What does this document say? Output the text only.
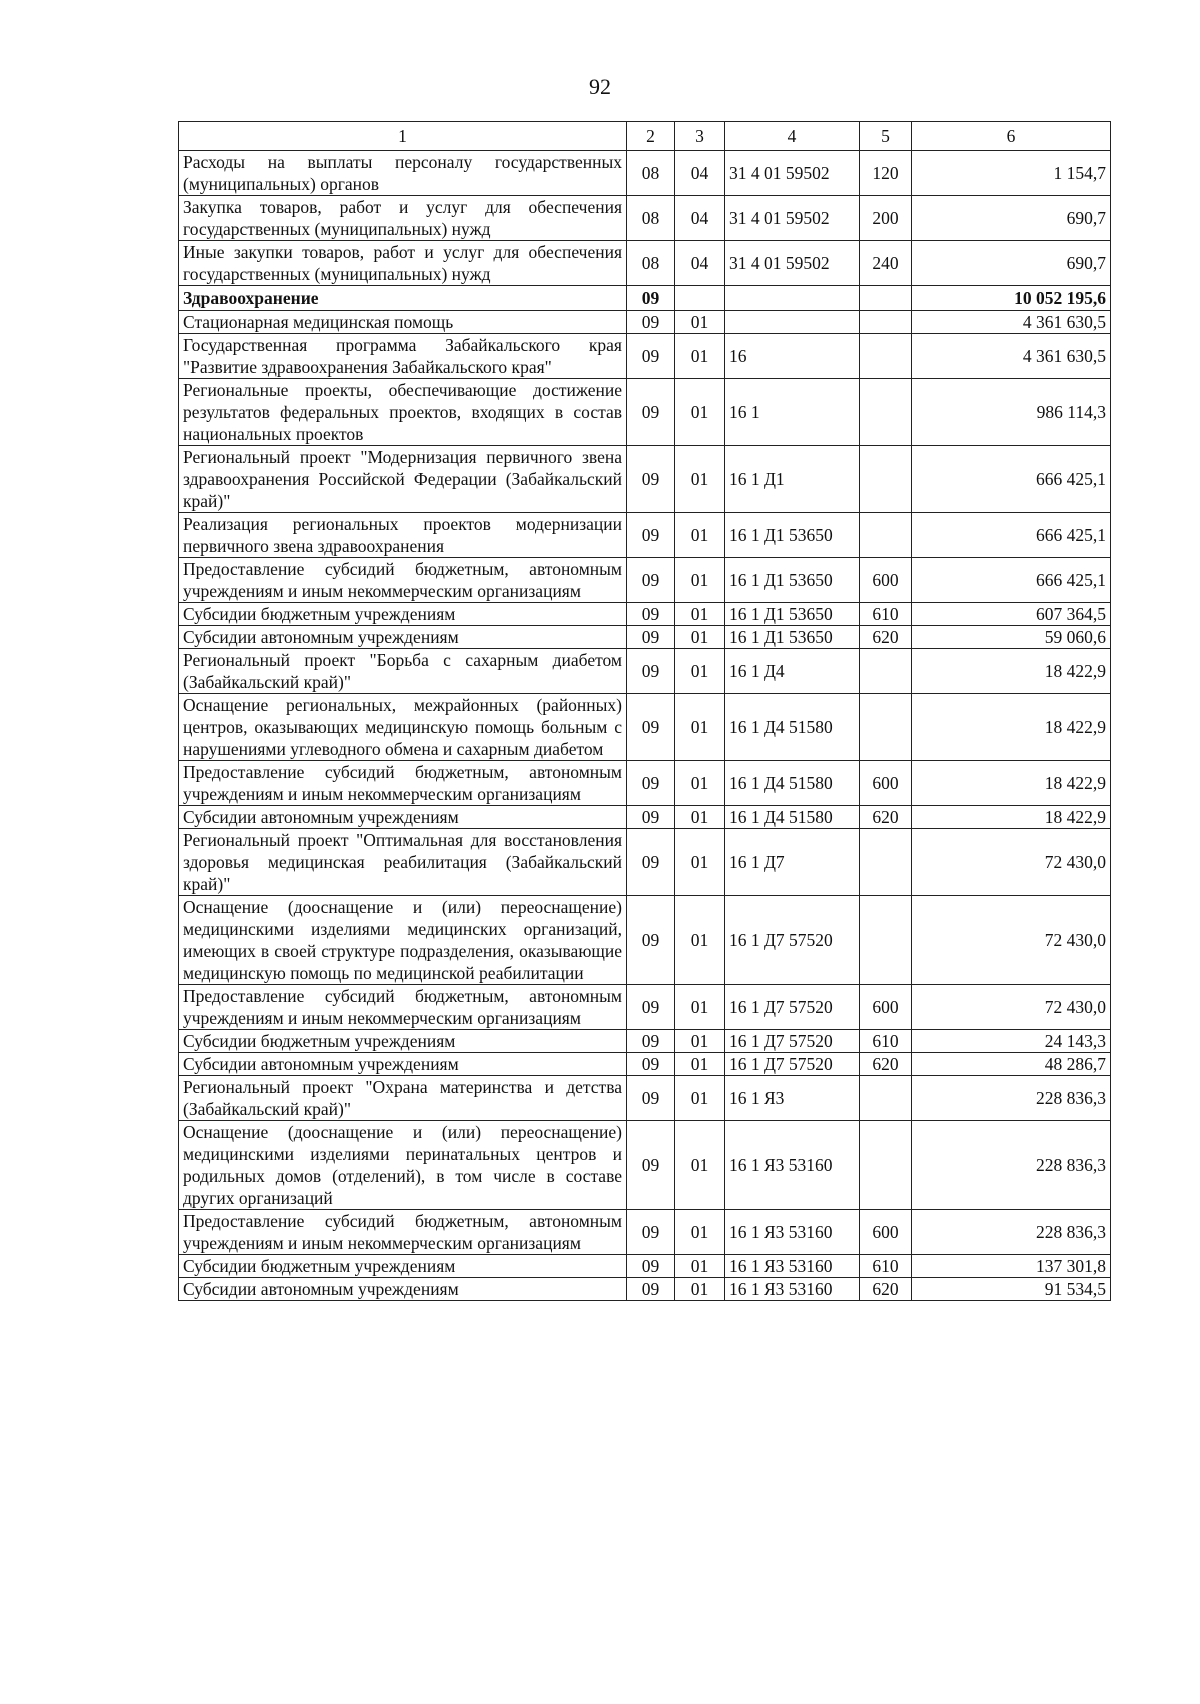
92
1	2	3	4	5	6
Расходы на выплаты персоналу государственных (муниципальных) органов	08	04	31 4 01 59502	120	1 154,7
Закупка товаров, работ и услуг для обеспечения государственных (муниципальных) нужд	08	04	31 4 01 59502	200	690,7
Иные закупки товаров, работ и услуг для обеспечения государственных (муниципальных) нужд	08	04	31 4 01 59502	240	690,7
Здравоохранение	09				10 052 195,6
Стационарная медицинская помощь	09	01			4 361 630,5
Государственная программа Забайкальского края "Развитие здравоохранения Забайкальского края"	09	01	16		4 361 630,5
Региональные проекты, обеспечивающие достижение результатов федеральных проектов, входящих в состав национальных проектов	09	01	16 1		986 114,3
Региональный проект "Модернизация первичного звена здравоохранения Российской Федерации (Забайкальский край)"	09	01	16 1 Д1		666 425,1
Реализация региональных проектов модернизации первичного звена здравоохранения	09	01	16 1 Д1 53650		666 425,1
Предоставление субсидий бюджетным, автономным учреждениям и иным некоммерческим организациям	09	01	16 1 Д1 53650	600	666 425,1
Субсидии бюджетным учреждениям	09	01	16 1 Д1 53650	610	607 364,5
Субсидии автономным учреждениям	09	01	16 1 Д1 53650	620	59 060,6
Региональный проект "Борьба с сахарным диабетом (Забайкальский край)"	09	01	16 1 Д4		18 422,9
Оснащение региональных, межрайонных (районных) центров, оказывающих медицинскую помощь больным с нарушениями углеводного обмена и сахарным диабетом	09	01	16 1 Д4 51580		18 422,9
Предоставление субсидий бюджетным, автономным учреждениям и иным некоммерческим организациям	09	01	16 1 Д4 51580	600	18 422,9
Субсидии автономным учреждениям	09	01	16 1 Д4 51580	620	18 422,9
Региональный проект "Оптимальная для восстановления здоровья медицинская реабилитация (Забайкальский край)"	09	01	16 1 Д7		72 430,0
Оснащение (дооснащение и (или) переоснащение) медицинскими изделиями медицинских организаций, имеющих в своей структуре подразделения, оказывающие медицинскую помощь по медицинской реабилитации	09	01	16 1 Д7 57520		72 430,0
Предоставление субсидий бюджетным, автономным учреждениям и иным некоммерческим организациям	09	01	16 1 Д7 57520	600	72 430,0
Субсидии бюджетным учреждениям	09	01	16 1 Д7 57520	610	24 143,3
Субсидии автономным учреждениям	09	01	16 1 Д7 57520	620	48 286,7
Региональный проект "Охрана материнства и детства (Забайкальский край)"	09	01	16 1 Я3		228 836,3
Оснащение (дооснащение и (или) переоснащение) медицинскими изделиями перинатальных центров и родильных домов (отделений), в том числе в составе других организаций	09	01	16 1 Я3 53160		228 836,3
Предоставление субсидий бюджетным, автономным учреждениям и иным некоммерческим организациям	09	01	16 1 Я3 53160	600	228 836,3
Субсидии бюджетным учреждениям	09	01	16 1 Я3 53160	610	137 301,8
Субсидии автономным учреждениям	09	01	16 1 Я3 53160	620	91 534,5
